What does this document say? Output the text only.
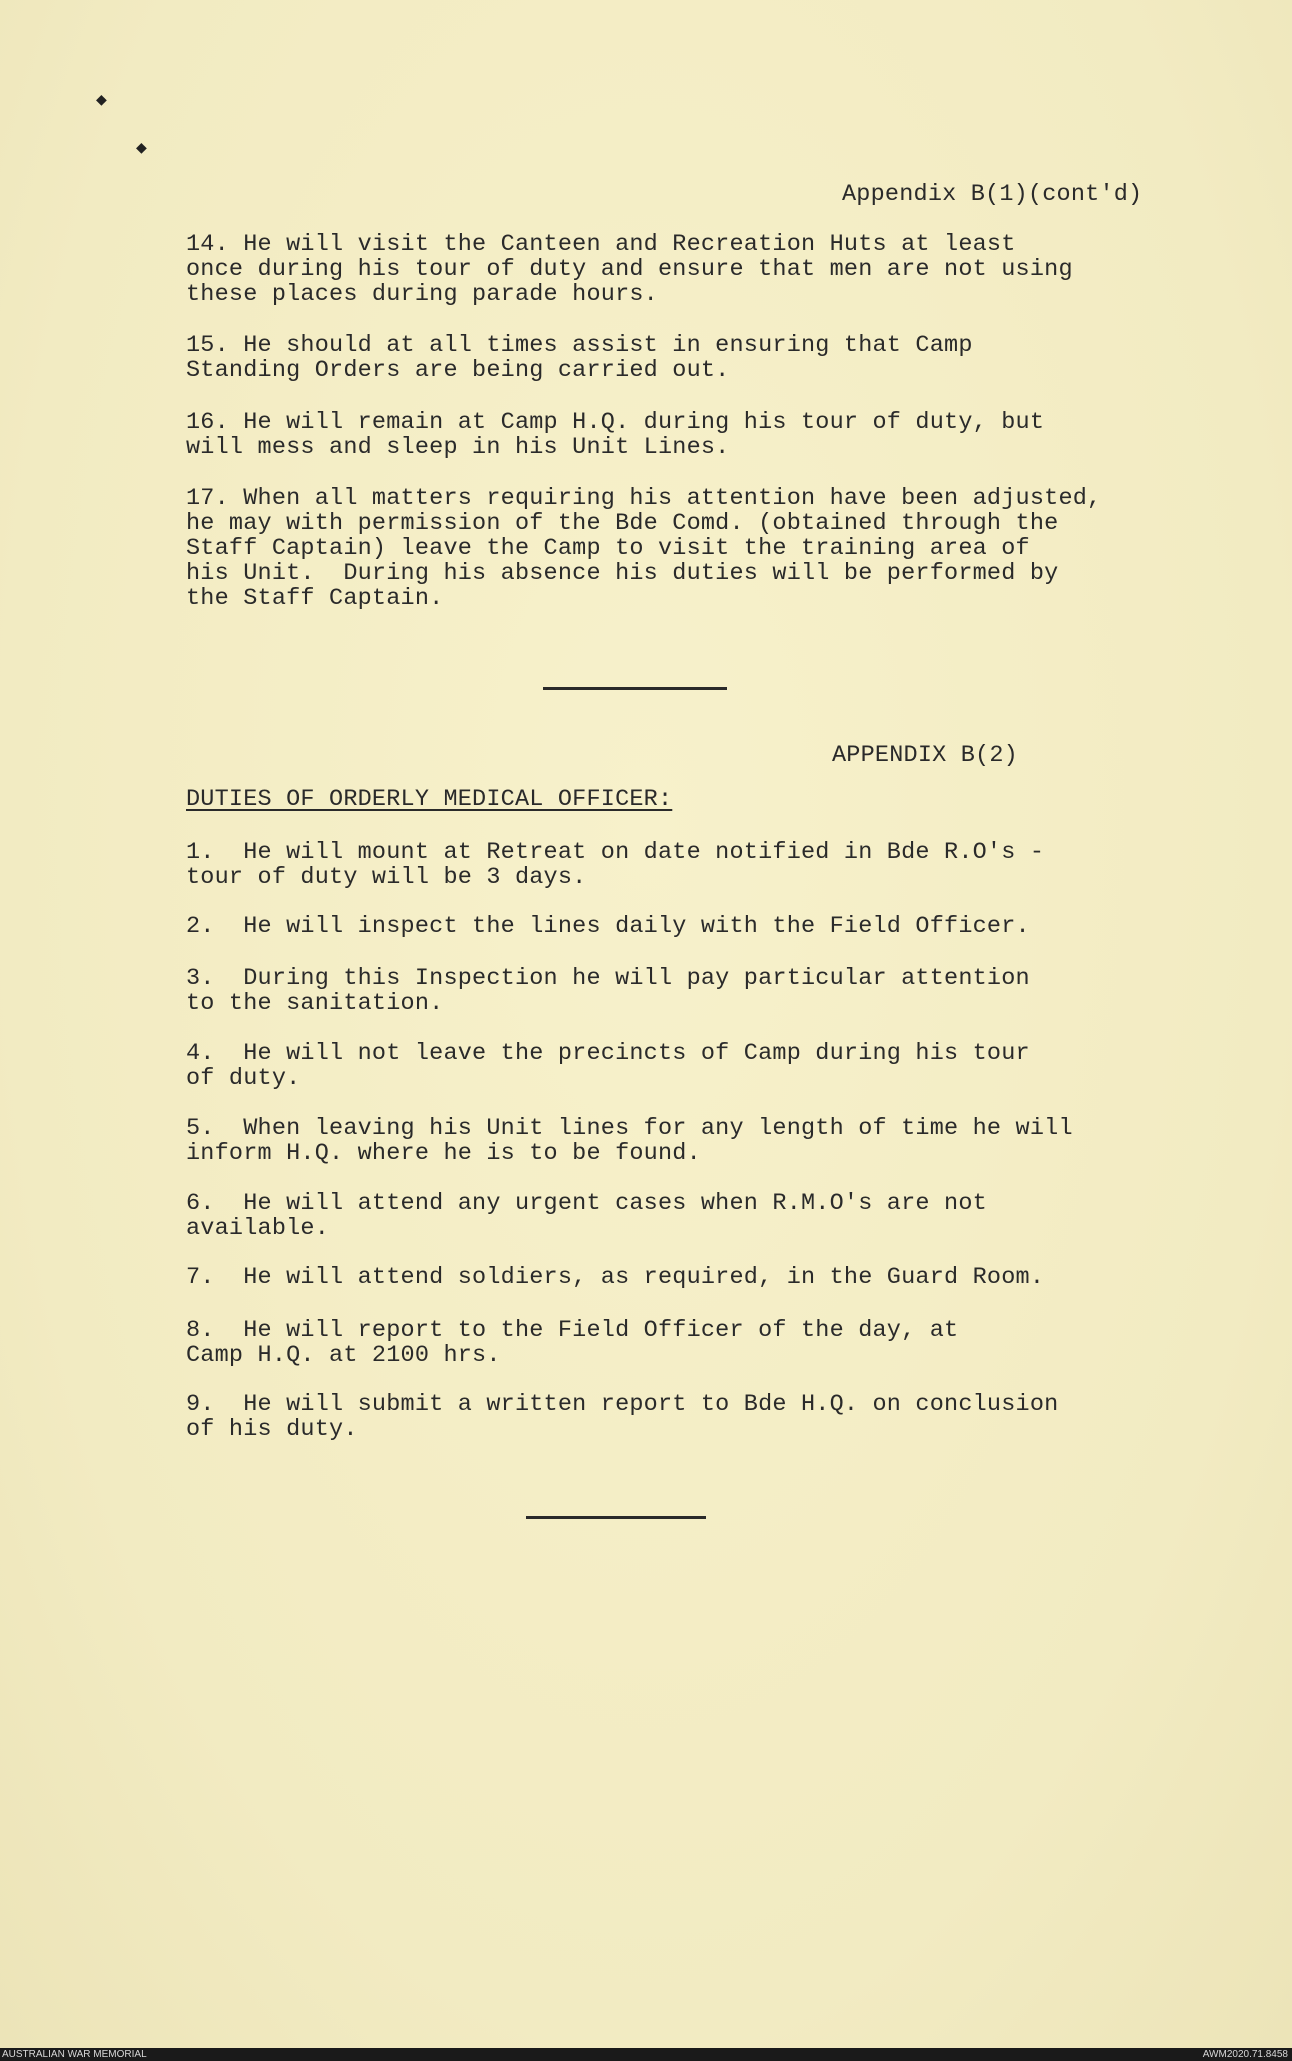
◆
◆
Appendix B(1)(cont'd)
14. He will visit the Canteen and Recreation Huts at least
once during his tour of duty and ensure that men are not using
these places during parade hours.
15. He should at all times assist in ensuring that Camp
Standing Orders are being carried out.
16. He will remain at Camp H.Q. during his tour of duty, but
will mess and sleep in his Unit Lines.
17. When all matters requiring his attention have been adjusted,
he may with permission of the Bde Comd. (obtained through the
Staff Captain) leave the Camp to visit the training area of
his Unit.  During his absence his duties will be performed by
the Staff Captain.
APPENDIX B(2)
DUTIES OF ORDERLY MEDICAL OFFICER:
1.  He will mount at Retreat on date notified in Bde R.O's -
tour of duty will be 3 days.
2.  He will inspect the lines daily with the Field Officer.
3.  During this Inspection he will pay particular attention
to the sanitation.
4.  He will not leave the precincts of Camp during his tour
of duty.
5.  When leaving his Unit lines for any length of time he will
inform H.Q. where he is to be found.
6.  He will attend any urgent cases when R.M.O's are not
available.
7.  He will attend soldiers, as required, in the Guard Room.
8.  He will report to the Field Officer of the day, at
Camp H.Q. at 2100 hrs.
9.  He will submit a written report to Bde H.Q. on conclusion
of his duty.
AUSTRALIAN WAR MEMORIAL	AWM2020.71.8458
